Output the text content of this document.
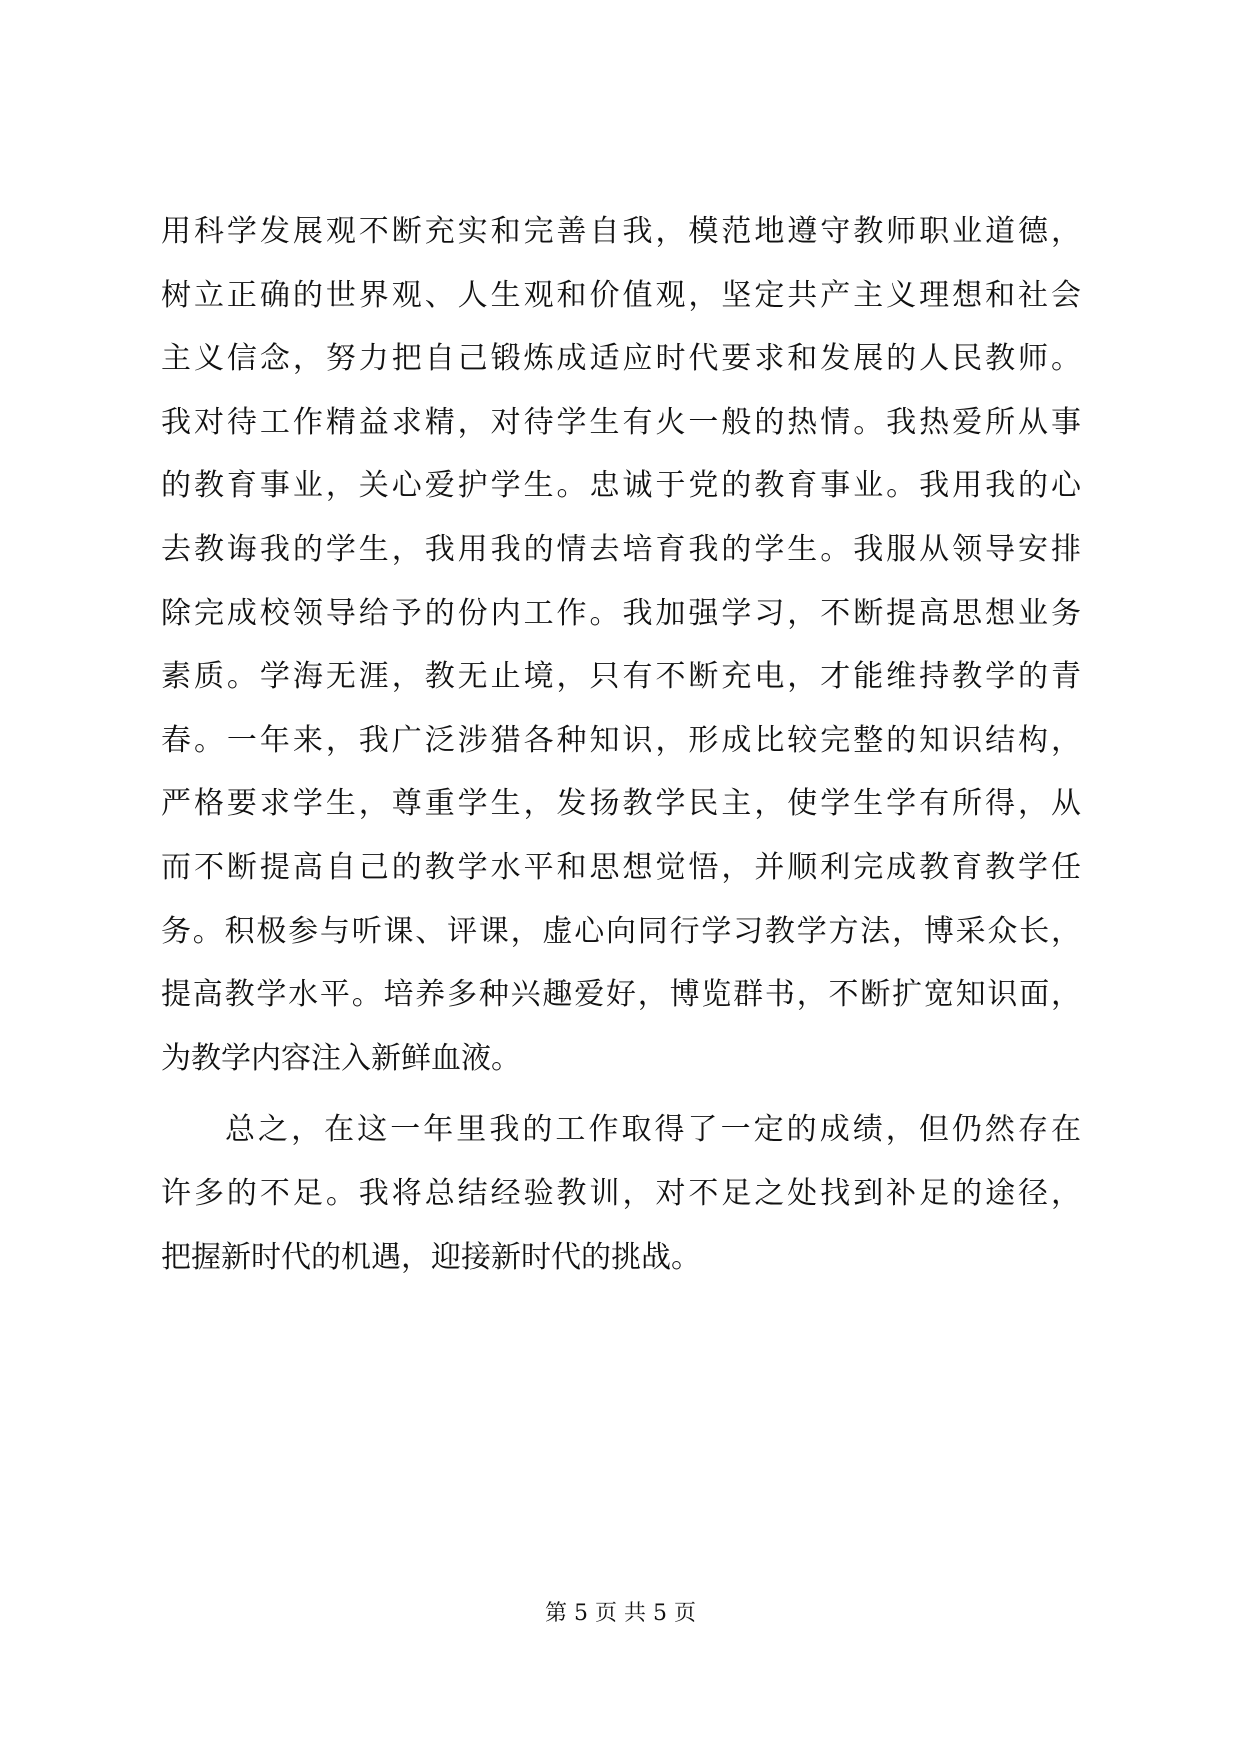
用科学发展观不断充实和完善自我，模范地遵守教师职业道德，
树立正确的世界观、人生观和价值观，坚定共产主义理想和社会
主义信念，努力把自己锻炼成适应时代要求和发展的人民教师。
我对待工作精益求精，对待学生有火一般的热情。我热爱所从事
的教育事业，关心爱护学生。忠诚于党的教育事业。我用我的心
去教诲我的学生，我用我的情去培育我的学生。我服从领导安排
除完成校领导给予的份内工作。我加强学习，不断提高思想业务
素质。学海无涯，教无止境，只有不断充电，才能维持教学的青
春。一年来，我广泛涉猎各种知识，形成比较完整的知识结构，
严格要求学生，尊重学生，发扬教学民主，使学生学有所得，从
而不断提高自己的教学水平和思想觉悟，并顺利完成教育教学任
务。积极参与听课、评课，虚心向同行学习教学方法，博采众长，
提高教学水平。培养多种兴趣爱好，博览群书，不断扩宽知识面，
为教学内容注入新鲜血液。
总之，在这一年里我的工作取得了一定的成绩，但仍然存在
许多的不足。我将总结经验教训，对不足之处找到补足的途径，
把握新时代的机遇，迎接新时代的挑战。
第 5 页 共 5 页
